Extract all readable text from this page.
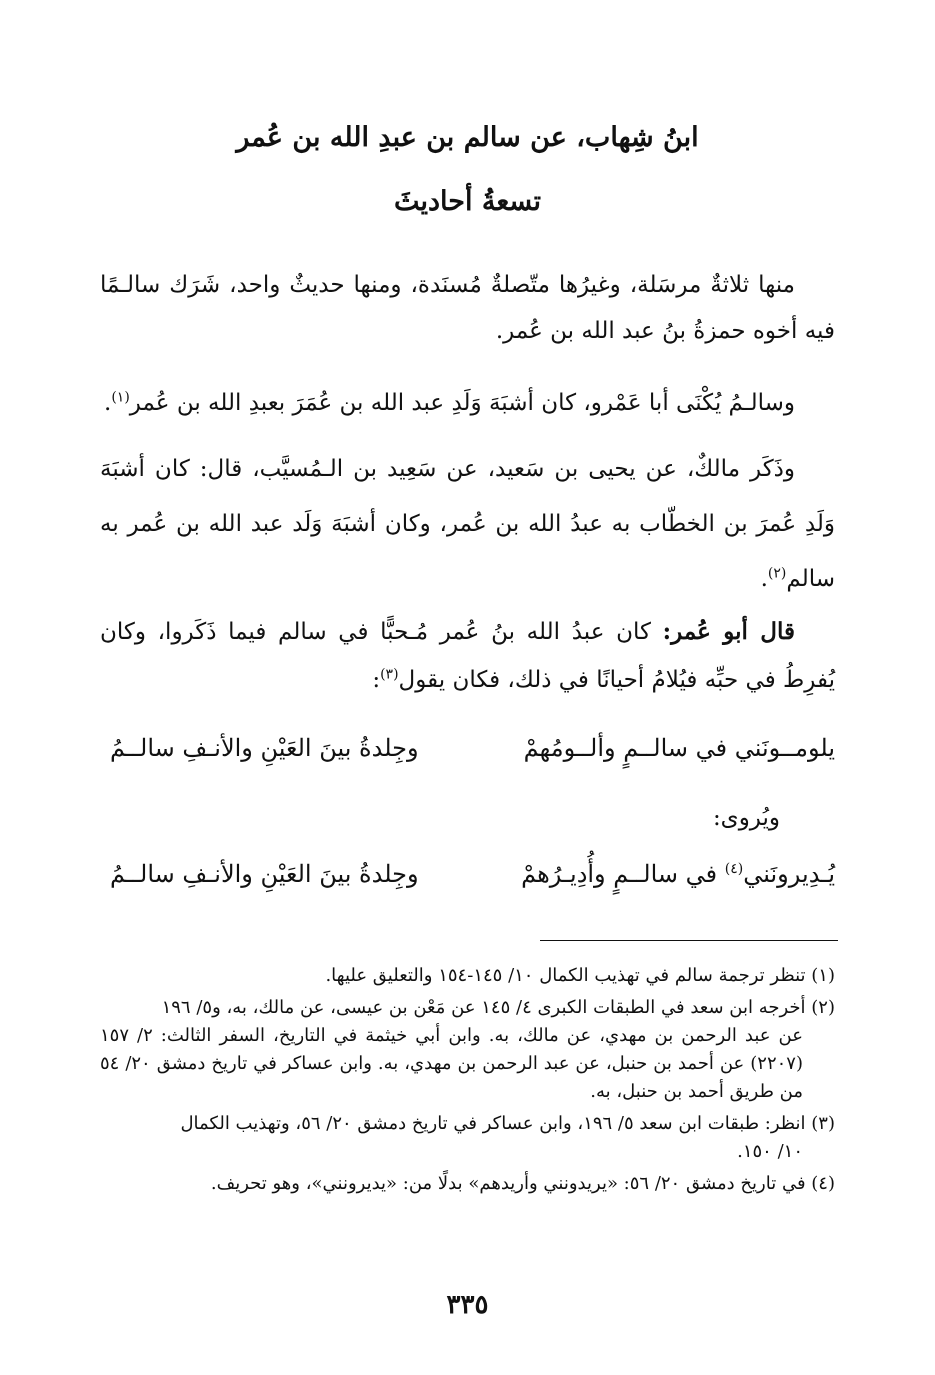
ابنُ شِهاب، عن سالم بن عبدِ الله بن عُمر
تسعةُ أحاديثَ

منها ثلاثةٌ مرسَلة، وغيرُها متّصلةٌ مُسنَدة، ومنها حديثٌ واحد، شَرَك سالـمًا فيه أخوه حمزةُ بنُ عبد الله بن عُمر.

وسالـمُ يُكْنَى أبا عَمْرو، كان أشبَهَ وَلَدِ عبد الله بن عُمَرَ بعبدِ الله بن عُمر$^{(١)}$.

وذَكَر مالكٌ، عن يحيى بن سَعيد، عن سَعِيد بن الـمُسيَّب، قال: كان أشبَهَ وَلَدِ عُمرَ بن الخطّاب به عبدُ الله بن عُمر، وكان أشبَهَ وَلَد عبد الله بن عُمر به سالم$^{(٢)}$.

قال أبو عُمر: كان عبدُ الله بنُ عُمر مُـحبًّا في سالم فيما ذَكَروا، وكان يُفرِطُ في حبِّه فيُلامُ أحيانًا في ذلك، فكان يقول$^{(٣)}$:

يلومــونَني في سالــمٍ وألــومُهمْ
وجِلدةُ بينَ العَيْنِ والأنـفِ سالــمُ

ويُروى:

يُـدِيرونَني$^{(٤)}$ في سالــمٍ وأُدِيـرُهمْ
وجِلدةُ بينَ العَيْنِ والأنـفِ سالــمُ

(١) تنظر ترجمة سالم في تهذيب الكمال ١٠/ ١٤٥-١٥٤ والتعليق عليها.

(٢) أخرجه ابن سعد في الطبقات الكبرى ٤/ ١٤٥ عن مَعْن بن عيسى، عن مالك، به، و٥/ ١٩٦

عن عبد الرحمن بن مهدي، عن مالك، به. وابن أبي خيثمة في التاريخ، السفر الثالث: ٢/ ١٥٧ (٢٢٠٧) عن أحمد بن حنبل، عن عبد الرحمن بن مهدي، به. وابن عساكر في تاريخ دمشق ٢٠/ ٥٤ من طريق أحمد بن حنبل، به.

(٣) انظر: طبقات ابن سعد ٥/ ١٩٦، وابن عساكر في تاريخ دمشق ٢٠/ ٥٦، وتهذيب الكمال

١٠/ ١٥٠.

(٤) في تاريخ دمشق ٢٠/ ٥٦: «يريدونني وأريدهم» بدلًا من: «يديرونني»، وهو تحريف.

٣٣٥
